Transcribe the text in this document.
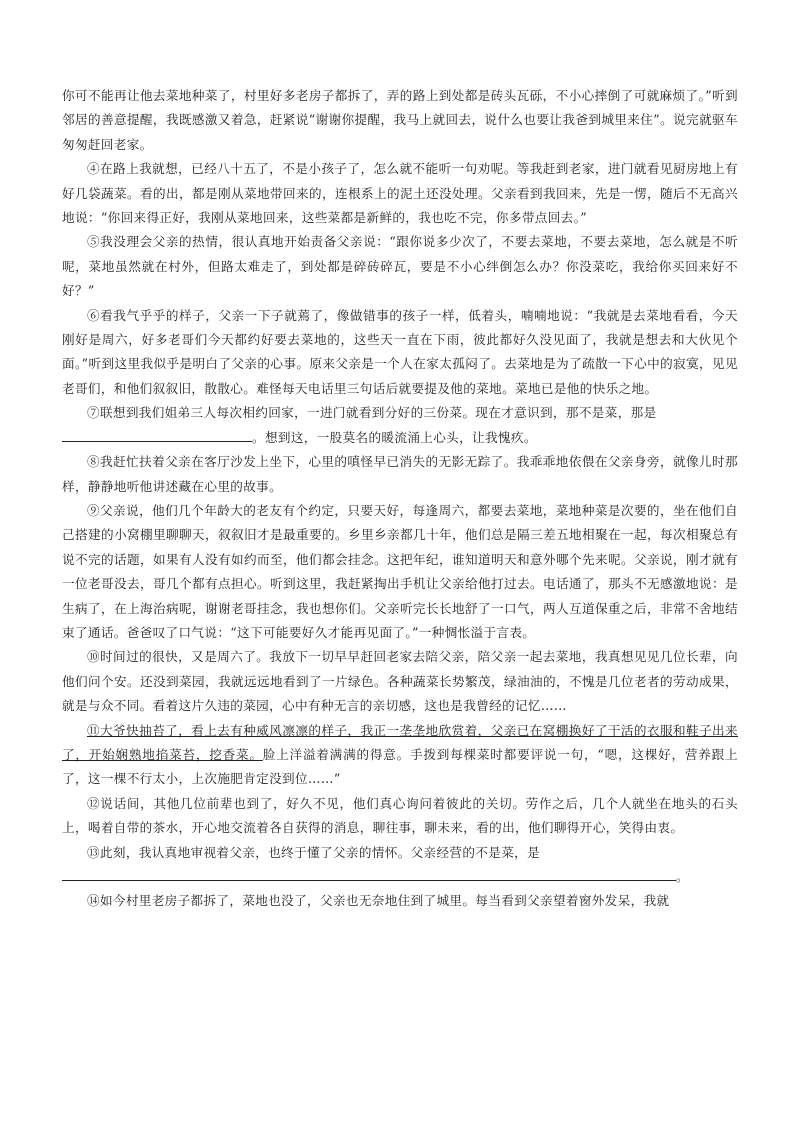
你可不能再让他去菜地种菜了，村里好多老房子都拆了，弄的路上到处都是砖头瓦砾，不小心摔倒了可就麻烦了。”听到邻居的善意提醒，我既感激又着急，赶紧说“谢谢你提醒，我马上就回去，说什么也要让我爸到城里来住”。说完就驱车匆匆赶回老家。

④在路上我就想，已经八十五了，不是小孩子了，怎么就不能听一句劝呢。等我赶到老家，进门就看见厨房地上有好几袋蔬菜。看的出，都是刚从菜地带回来的，连根系上的泥土还没处理。父亲看到我回来，先是一愣，随后不无高兴地说：“你回来得正好，我刚从菜地回来，这些菜都是新鲜的，我也吃不完，你多带点回去。”

⑤我没理会父亲的热情，很认真地开始责备父亲说：“跟你说多少次了，不要去菜地，不要去菜地，怎么就是不听呢，菜地虽然就在村外，但路太难走了，到处都是碎砖碎瓦，要是不小心绊倒怎么办？你没菜吃，我给你买回来好不好？”

⑥看我气乎乎的样子，父亲一下子就蔫了，像做错事的孩子一样，低着头，喃喃地说：“我就是去菜地看看，今天刚好是周六，好多老哥们今天都约好要去菜地的，这些天一直在下雨，彼此都好久没见面了，我就是想去和大伙见个面。”听到这里我似乎是明白了父亲的心事。原来父亲是一个人在家太孤闷了。去菜地是为了疏散一下心中的寂寞，见见老哥们，和他们叙叙旧，散散心。难怪每天电话里三句话后就要提及他的菜地。菜地已是他的快乐之地。

⑦联想到我们姐弟三人每次相约回家，一进门就看到分好的三份菜。现在才意识到，那不是菜，那是
。想到这，一股莫名的暖流涌上心头，让我愧疚。

⑧我赶忙扶着父亲在客厅沙发上坐下，心里的嗔怪早已消失的无影无踪了。我乖乖地依偎在父亲身旁，就像儿时那样，静静地听他讲述藏在心里的故事。

⑨父亲说，他们几个年龄大的老友有个约定，只要天好，每逢周六，都要去菜地，菜地种菜是次要的，坐在他们自己搭建的小窝棚里聊聊天，叙叙旧才是最重要的。乡里乡亲都几十年，他们总是隔三差五地相聚在一起，每次相聚总有说不完的话题，如果有人没有如约而至，他们都会挂念。这把年纪，谁知道明天和意外哪个先来呢。父亲说，刚才就有一位老哥没去，哥几个都有点担心。听到这里，我赶紧掏出手机让父亲给他打过去。电话通了，那头不无感激地说：是生病了，在上海治病呢，谢谢老哥挂念，我也想你们。父亲听完长长地舒了一口气，两人互道保重之后，非常不舍地结束了通话。爸爸叹了口气说：“这下可能要好久才能再见面了。”一种惆怅溢于言表。

⑩时间过的很快，又是周六了。我放下一切早早赶回老家去陪父亲，陪父亲一起去菜地，我真想见见几位长辈，向他们问个安。还没到菜园，我就远远地看到了一片绿色。各种蔬菜长势繁茂，绿油油的，不愧是几位老者的劳动成果，就是与众不同。看着这片久违的菜园，心中有种无言的亲切感，这也是我曾经的记忆……

⑪大爷快抽苔了，看上去有种威风凛凛的样子，我正一垄垄地欣赏着，父亲已在窝棚换好了干活的衣服和鞋子出来了，开始娴熟地掐菜苔，挖香菜。脸上洋溢着满满的得意。手拨到每棵菜时都要评说一句，“嗯，这棵好，营养跟上了，这一棵不行太小，上次施肥肯定没到位……”

⑫说话间，其他几位前辈也到了，好久不见，他们真心询问着彼此的关切。劳作之后，几个人就坐在地头的石头上，喝着自带的茶水，开心地交流着各自获得的消息，聊往事，聊未来，看的出，他们聊得开心，笑得由衷。

⑬此刻，我认真地审视着父亲，也终于懂了父亲的情怀。父亲经营的不是菜，是
。

⑭如今村里老房子都拆了，菜地也没了，父亲也无奈地住到了城里。每当看到父亲望着窗外发呆，我就
